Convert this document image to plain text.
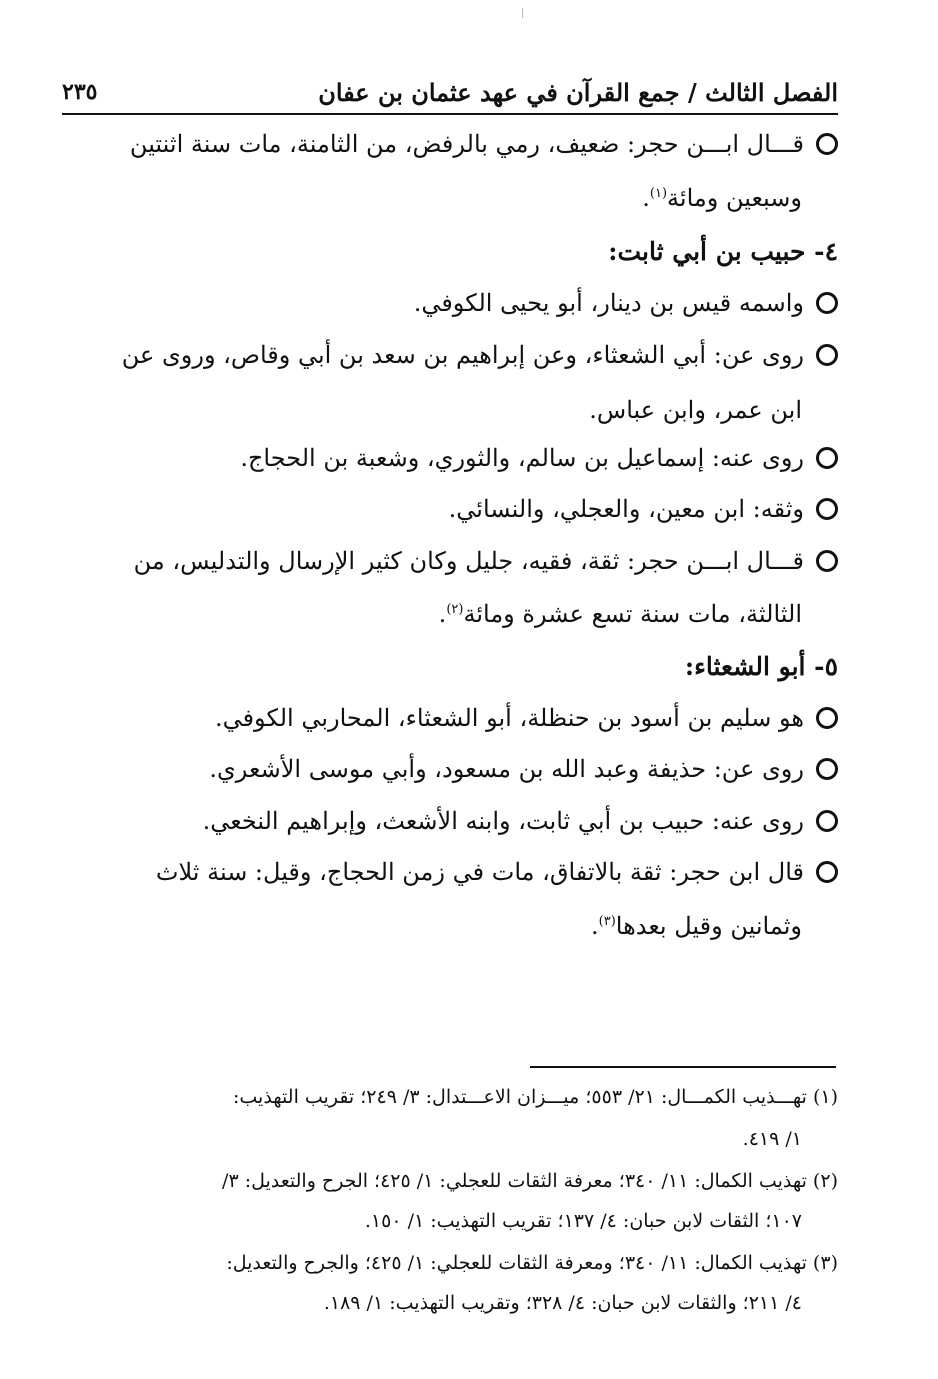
الفصل الثالث / جمع القرآن في عهد عثمان بن عفان
٢٣٥
قـــال ابـــن حجر: ضعيف، رمي بالرفض، من الثامنة، مات سنة اثنتين
وسبعين ومائة$^{(١)}$.
٤- حبيب بن أبي ثابت:
واسمه قيس بن دينار، أبو يحيى الكوفي.
روى عن: أبي الشعثاء، وعن إبراهيم بن سعد بن أبي وقاص، وروى عن
ابن عمر، وابن عباس.
روى عنه: إسماعيل بن سالم، والثوري، وشعبة بن الحجاج.
وثقه: ابن معين، والعجلي، والنسائي.
قـــال ابـــن حجر: ثقة، فقيه، جليل وكان كثير الإرسال والتدليس، من
الثالثة، مات سنة تسع عشرة ومائة$^{(٢)}$.
٥- أبو الشعثاء:
هو سليم بن أسود بن حنظلة، أبو الشعثاء، المحاربي الكوفي.
روى عن: حذيفة وعبد الله بن مسعود، وأبي موسى الأشعري.
روى عنه: حبيب بن أبي ثابت، وابنه الأشعث، وإبراهيم النخعي.
قال ابن حجر: ثقة بالاتفاق، مات في زمن الحجاج، وقيل: سنة ثلاث
وثمانين وقيل بعدها$^{(٣)}$.
(١) تهـــذيب الكمـــال: ٢١/ ٥٥٣؛ ميـــزان الاعـــتدال: ٣/ ٢٤٩؛ تقريب التهذيب:
١/ ٤١٩.
(٢) تهذيب الكمال: ١١/ ٣٤٠؛ معرفة الثقات للعجلي: ١/ ٤٢٥؛ الجرح والتعديل: ٣/
١٠٧؛ الثقات لابن حبان: ٤/ ١٣٧؛ تقريب التهذيب: ١/ ١٥٠.
(٣) تهذيب الكمال: ١١/ ٣٤٠؛ ومعرفة الثقات للعجلي: ١/ ٤٢٥؛ والجرح والتعديل:
٤/ ٢١١؛ والثقات لابن حبان: ٤/ ٣٢٨؛ وتقريب التهذيب: ١/ ١٨٩.
